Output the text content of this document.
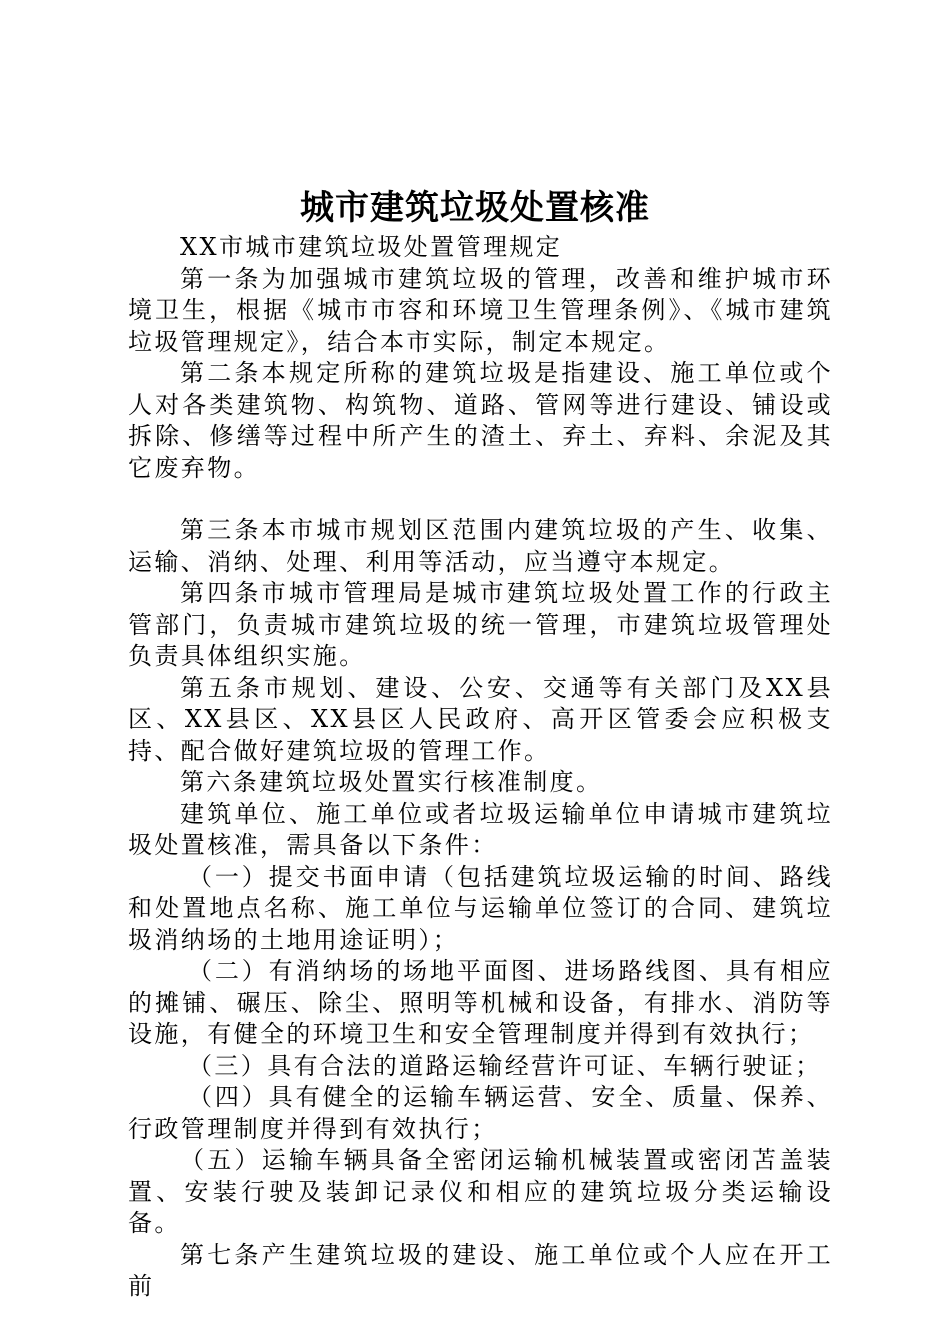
城市建筑垃圾处置核准

XX市城市建筑垃圾处置管理规定

第一条为加强城市建筑垃圾的管理，改善和维护城市环境卫生，根据《城市市容和环境卫生管理条例》、《城市建筑垃圾管理规定》，结合本市实际，制定本规定。

第二条本规定所称的建筑垃圾是指建设、施工单位或个人对各类建筑物、构筑物、道路、管网等进行建设、铺设或拆除、修缮等过程中所产生的渣土、弃土、弃料、余泥及其它废弃物。

第三条本市城市规划区范围内建筑垃圾的产生、收集、运输、消纳、处理、利用等活动，应当遵守本规定。

第四条市城市管理局是城市建筑垃圾处置工作的行政主管部门，负责城市建筑垃圾的统一管理，市建筑垃圾管理处负责具体组织实施。

第五条市规划、建设、公安、交通等有关部门及XX县区、XX县区、XX县区人民政府、高开区管委会应积极支持、配合做好建筑垃圾的管理工作。

第六条建筑垃圾处置实行核准制度。

建筑单位、施工单位或者垃圾运输单位申请城市建筑垃圾处置核准，需具备以下条件：

（一）提交书面申请（包括建筑垃圾运输的时间、路线和处置地点名称、施工单位与运输单位签订的合同、建筑垃圾消纳场的土地用途证明）；

（二）有消纳场的场地平面图、进场路线图、具有相应的摊铺、碾压、除尘、照明等机械和设备，有排水、消防等设施，有健全的环境卫生和安全管理制度并得到有效执行；

（三）具有合法的道路运输经营许可证、车辆行驶证；

（四）具有健全的运输车辆运营、安全、质量、保养、行政管理制度并得到有效执行；

（五）运输车辆具备全密闭运输机械装置或密闭苫盖装置、安装行驶及装卸记录仪和相应的建筑垃圾分类运输设备。

第七条产生建筑垃圾的建设、施工单位或个人应在开工前
